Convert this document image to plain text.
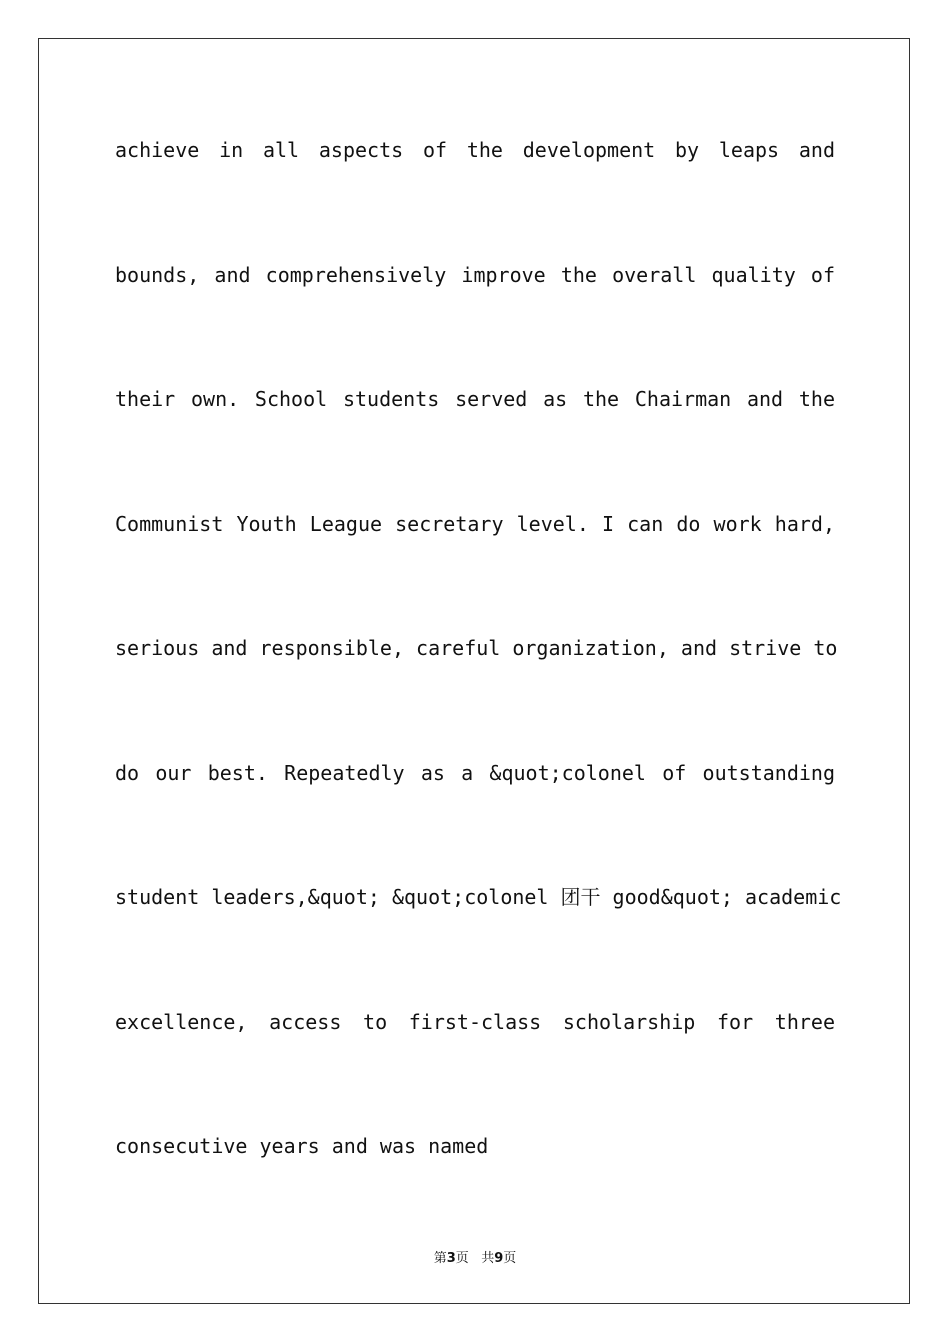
achieve in all aspects of the development by leaps and
bounds, and comprehensively improve the overall quality of
their own. School students served as the Chairman and the
Communist Youth League secretary level. I can do work hard,
serious and responsible, careful organization, and strive to
do our best. Repeatedly as a &quot;colonel of outstanding
student leaders,&quot; &quot;colonel 团干 good&quot; academic
excellence, access to first-class scholarship for three
consecutive years and was named
第3页 共9页
